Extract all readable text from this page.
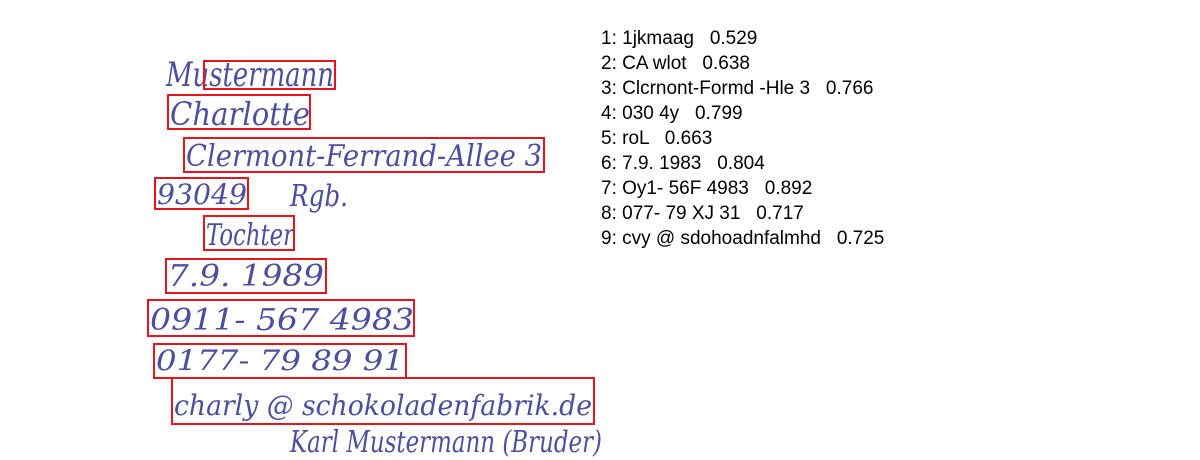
Mustermann
Charlotte
Clermont-Ferrand-Allee 3
93049 Rgb.
Tochter
7.9. 1989
0911- 567 4983
0177- 79 89 91
charly @ schokoladenfabrik.de
Karl Mustermann (Bruder)
1: 1jkmaag 0.529
2: CA wlot 0.638
3: Clcrnont-Formd -Hle 3 0.766
4: 030 4y 0.799
5: roL 0.663
6: 7.9. 1983 0.804
7: Oy1- 56F 4983 0.892
8: 077- 79 XJ 31 0.717
9: cvy @ sdohoadnfalmhd 0.725
